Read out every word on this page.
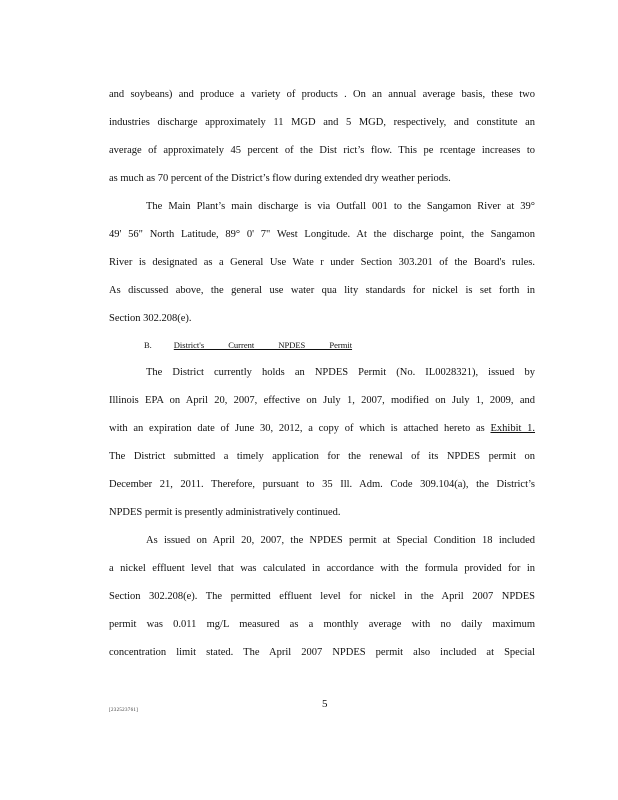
and soybeans) and produce a variety of products . On an annual average basis, these two
industries discharge approximately 11 MGD and 5 MGD, respectively, and constitute an
average of approximately 45 percent of the Dist rict’s flow. This pe rcentage increases to
as much as 70 percent of the District’s flow during extended dry weather periods.
The Main Plant’s main discharge is via Outfall 001 to the Sangamon River at 39°
49' 56" North Latitude, 89° 0' 7" West Longitude. At the discharge point, the Sangamon
River is designated as a General Use Wate r under Section 303.201 of the Board's rules.
As discussed above, the general use water qua lity standards for nickel is set forth in
Section 302.208(e).
B.	District's Current NPDES Permit
The District currently holds an NPDES Permit (No. IL0028321), issued by
Illinois EPA on April 20, 2007, effective on July 1, 2007, modified on July 1, 2009, and
with an expiration date of June 30, 2012, a copy of which is attached hereto as Exhibit 1.
The District submitted a timely application for the renewal of its NPDES permit on
December 21, 2011. Therefore, pursuant to 35 Ill. Adm. Code 309.104(a), the District’s
NPDES permit is presently administratively continued.
As issued on April 20, 2007, the NPDES permit at Special Condition 18 included
a nickel effluent level that was calculated in accordance with the formula provided for in
Section 302.208(e). The permitted effluent level for nickel in the April 2007 NPDES
permit was 0.011 mg/L measured as a monthly average with no daily maximum
concentration limit stated. The April 2007 NPDES permit also included at Special
5
[232523761]
